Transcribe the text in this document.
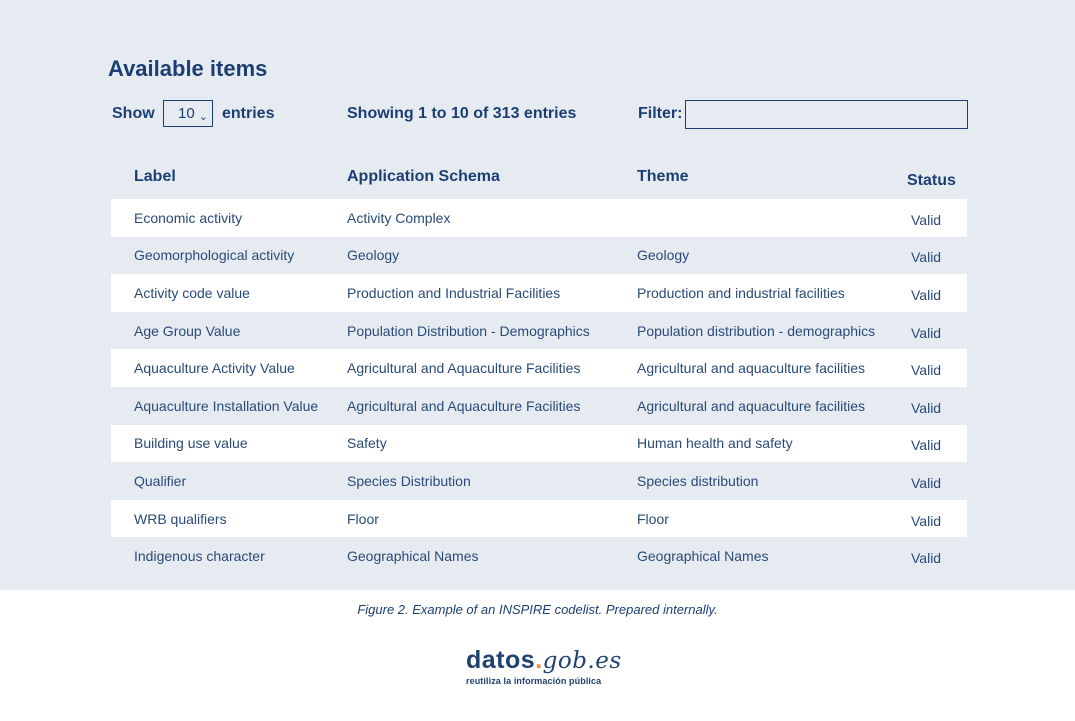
Available items
Show 10 ⌄ entries	Showing 1 to 10 of 313 entries	Filter:
Label	Application Schema	Theme	Status
Economic activity	Activity Complex		Valid
Geomorphological activity	Geology	Geology	Valid
Activity code value	Production and Industrial Facilities	Production and industrial facilities	Valid
Age Group Value	Population Distribution - Demographics	Population distribution - demographics	Valid
Aquaculture Activity Value	Agricultural and Aquaculture Facilities	Agricultural and aquaculture facilities	Valid
Aquaculture Installation Value	Agricultural and Aquaculture Facilities	Agricultural and aquaculture facilities	Valid
Building use value	Safety	Human health and safety	Valid
Qualifier	Species Distribution	Species distribution	Valid
WRB qualifiers	Floor	Floor	Valid
Indigenous character	Geographical Names	Geographical Names	Valid
Figure 2. Example of an INSPIRE codelist. Prepared internally.
datos.gob.es
reutiliza la información pública
